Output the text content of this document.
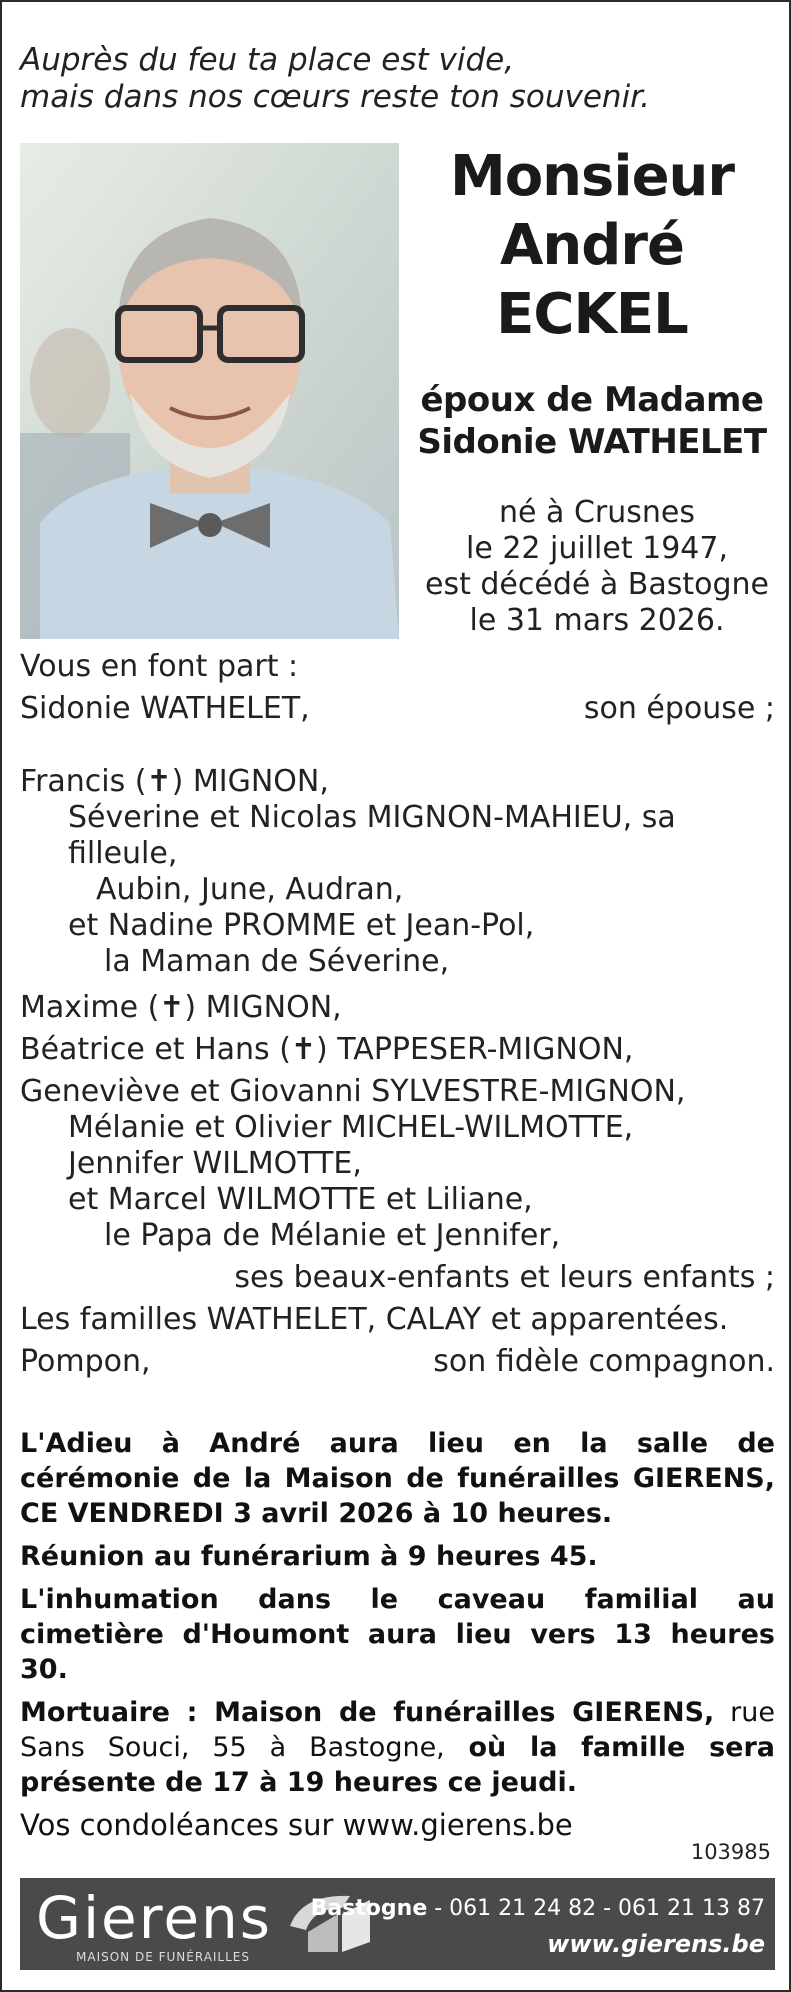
Auprès du feu ta place est vide,
mais dans nos cœurs reste ton souvenir.
Monsieur
André
ECKEL
époux de Madame
Sidonie WATHELET
né à Crusnes
le 22 juillet 1947,
est décédé à Bastogne
le 31 mars 2026.
Vous en font part :
Sidonie WATHELET,	son épouse ;
Francis (✝) MIGNON,
Séverine et Nicolas MIGNON-MAHIEU, sa filleule,
Aubin, June, Audran,
et Nadine PROMME et Jean-Pol,
la Maman de Séverine,
Maxime (✝) MIGNON,
Béatrice et Hans (✝) TAPPESER-MIGNON,
Geneviève et Giovanni SYLVESTRE-MIGNON,
Mélanie et Olivier MICHEL-WILMOTTE,
Jennifer WILMOTTE,
et Marcel WILMOTTE et Liliane,
le Papa de Mélanie et Jennifer,
ses beaux-enfants et leurs enfants ;
Les familles WATHELET, CALAY et apparentées.
Pompon,	son fidèle compagnon.
L'Adieu à André aura lieu en la salle de cérémonie de la Maison de funérailles GIERENS, CE VENDREDI 3 avril 2026 à 10 heures.
Réunion au funérarium à 9 heures 45.
L'inhumation dans le caveau familial au cimetière d'Houmont aura lieu vers 13 heures 30.
Mortuaire : Maison de funérailles GIERENS, rue Sans Souci, 55 à Bastogne, où la famille sera présente de 17 à 19 heures ce jeudi.
Vos condoléances sur www.gierens.be
103985
Gierens
MAISON DE FUNÉRAILLES
Bastogne - 061 21 24 82 - 061 21 13 87
www.gierens.be
